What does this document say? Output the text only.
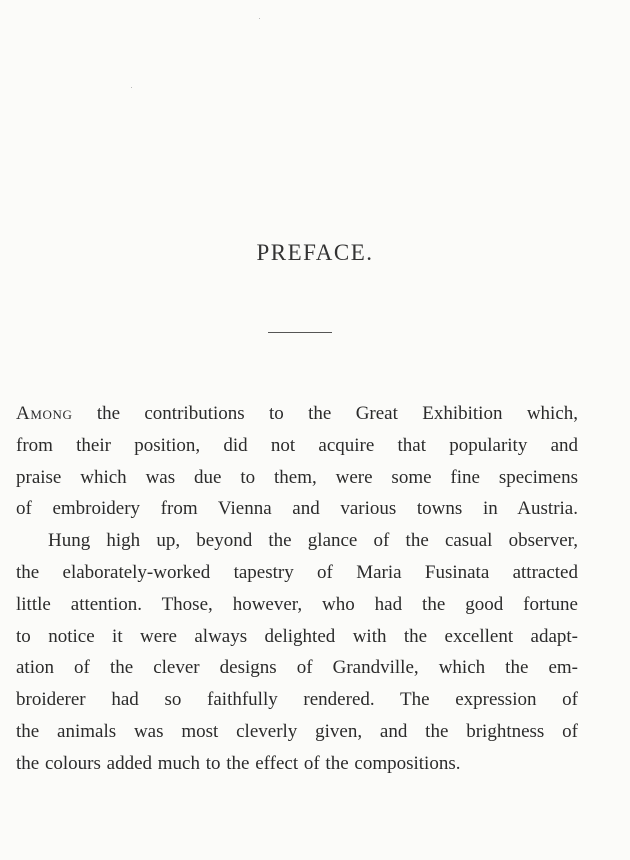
PREFACE.
Among the contributions to the Great Exhibition which,
from their position, did not acquire that popularity and
praise which was due to them, were some fine specimens
of embroidery from Vienna and various towns in Austria.
Hung high up, beyond the glance of the casual observer,
the elaborately-worked tapestry of Maria Fusinata attracted
little attention. Those, however, who had the good fortune
to notice it were always delighted with the excellent adapt-
ation of the clever designs of Grandville, which the em-
broiderer had so faithfully rendered. The expression of
the animals was most cleverly given, and the brightness of
the colours added much to the effect of the compositions.
